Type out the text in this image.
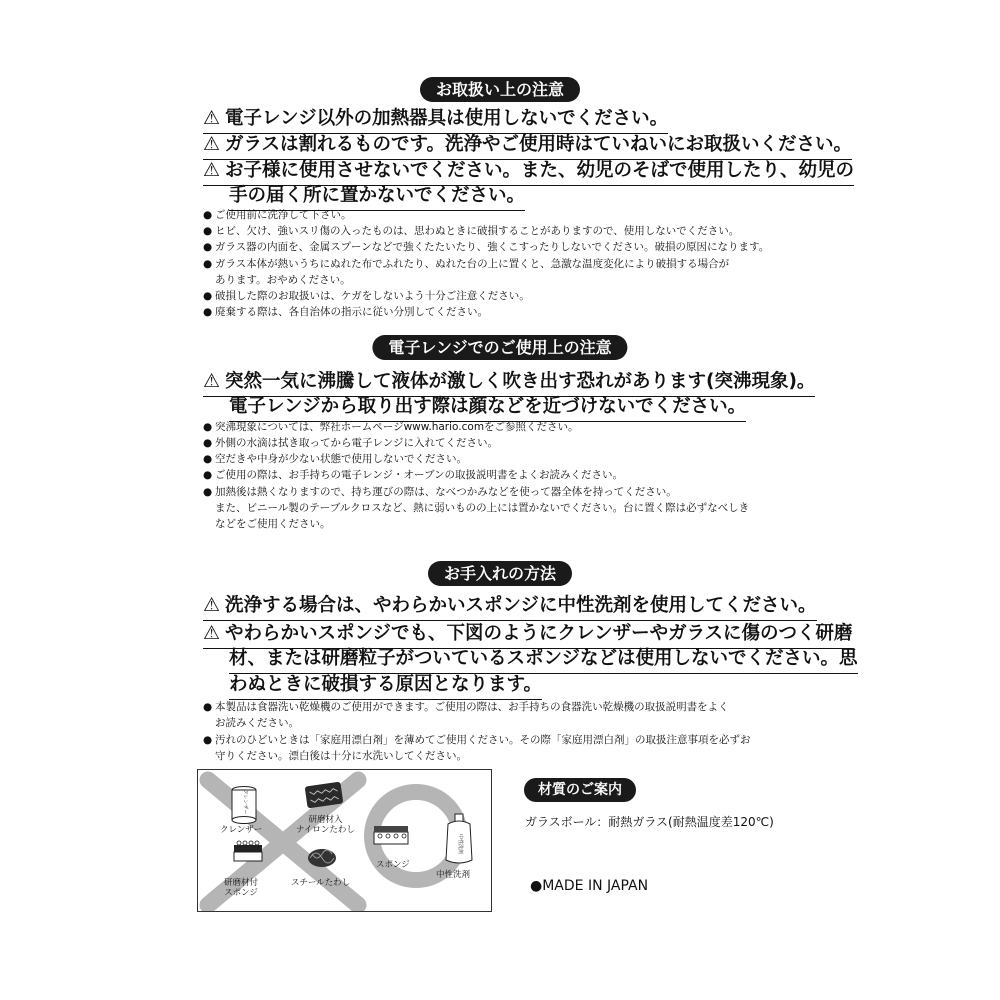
お取扱い上の注意
⚠ 電子レンジ以外の加熱器具は使用しないでください。
⚠ ガラスは割れるものです。洗浄やご使用時はていねいにお取扱いください。
⚠ お子様に使用させないでください。また、幼児のそばで使用したり、幼児の
手の届く所に置かないでください。
● ご使用前に洗浄して下さい。
● ヒビ、欠け、強いスリ傷の入ったものは、思わぬときに破損することがありますので、使用しないでください。
● ガラス器の内面を、金属スプーンなどで強くたたいたり、強くこすったりしないでください。破損の原因になります。
● ガラス本体が熱いうちにぬれた布でふれたり、ぬれた台の上に置くと、急激な温度変化により破損する場合が
あります。おやめください。
● 破損した際のお取扱いは、ケガをしないよう十分ご注意ください。
● 廃棄する際は、各自治体の指示に従い分別してください。
電子レンジでのご使用上の注意
⚠ 突然一気に沸騰して液体が激しく吹き出す恐れがあります(突沸現象)。
電子レンジから取り出す際は顔などを近づけないでください。
● 突沸現象については、弊社ホームページwww.hario.comをご参照ください。
● 外側の水滴は拭き取ってから電子レンジに入れてください。
● 空だきや中身が少ない状態で使用しないでください。
● ご使用の際は、お手持ちの電子レンジ・オーブンの取扱説明書をよくお読みください。
● 加熱後は熱くなりますので、持ち運びの際は、なべつかみなどを使って器全体を持ってください。
また、ビニール製のテーブルクロスなど、熱に弱いものの上には置かないでください。台に置く際は必ずなべしき
などをご使用ください。
お手入れの方法
⚠ 洗浄する場合は、やわらかいスポンジに中性洗剤を使用してください。
⚠ やわらかいスポンジでも、下図のようにクレンザーやガラスに傷のつく研磨
材、または研磨粒子がついているスポンジなどは使用しないでください。思
わぬときに破損する原因となります。
● 本製品は食器洗い乾燥機のご使用ができます。ご使用の際は、お手持ちの食器洗い乾燥機の取扱説明書をよく
お読みください。
● 汚れのひどいときは「家庭用漂白剤」を薄めてご使用ください。その際「家庭用漂白剤」の取扱注意事項を必ずお
守りください。漂白後は十分に水洗いしてください。
クレンザー
中性洗剤
クレンザー
研磨材入
ナイロンたわし
研磨材付
スポンジ
スチールたわし
スポンジ
中性洗剤
材質のご案内
ガラスボール：耐熱ガラス(耐熱温度差120℃)
●MADE IN JAPAN
